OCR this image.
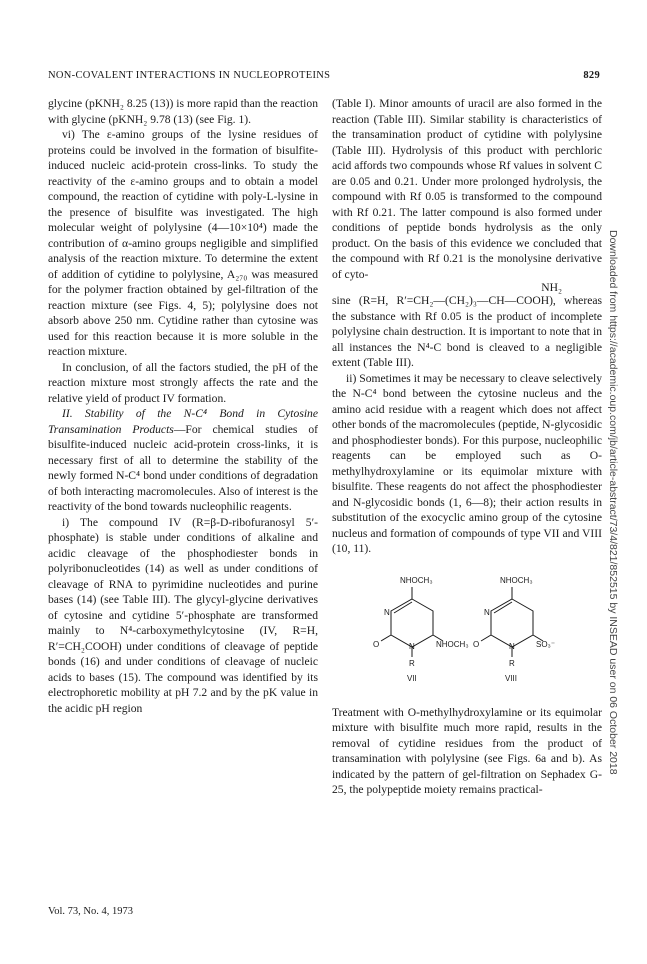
NON-COVALENT INTERACTIONS IN NUCLEOPROTEINS	829

glycine (pKNH₂ 8.25 (13)) is more rapid than the reaction with glycine (pKNH₂ 9.78 (13) (see Fig. 1).

vi) The ε-amino groups of the lysine residues of proteins could be involved in the formation of bisulfite-induced nucleic acid-protein cross-links. To study the reactivity of the ε-amino groups and to obtain a model compound, the reaction of cytidine with poly-L-lysine in the presence of bisulfite was investigated. The high molecular weight of polylysine (4—10×10⁴) made the contribution of α-amino groups negligible and simplified analysis of the reaction mixture. To determine the extent of addition of cytidine to polylysine, A₂₇₀ was measured for the polymer fraction obtained by gel-filtration of the reaction mixture (see Figs. 4, 5); polylysine does not absorb above 250 nm. Cytidine rather than cytosine was used for this reaction because it is more soluble in the reaction mixture.

In conclusion, of all the factors studied, the pH of the reaction mixture most strongly affects the rate and the relative yield of product IV formation.

II. Stability of the N-C⁴ Bond in Cytosine Transamination Products—For chemical studies of bisulfite-induced nucleic acid-protein cross-links, it is necessary first of all to determine the stability of the newly formed N-C⁴ bond under conditions of degradation of both interacting macromolecules. Also of interest is the reactivity of the bond towards nucleophilic reagents.

i) The compound IV (R=β-D-ribofuranosyl 5′-phosphate) is stable under conditions of alkaline and acidic cleavage of the phosphodiester bonds in polyribonucleotides (14) as well as under conditions of cleavage of RNA to pyrimidine nucleotides and purine bases (14) (see Table III). The glycyl-glycine derivatives of cytosine and cytidine 5′-phosphate are transformed mainly to N⁴-carboxymethylcytosine (IV, R=H, R′=CH₂COOH) under conditions of cleavage of peptide bonds (16) and under conditions of cleavage of nucleic acids to bases (15). The compound was identified by its electrophoretic mobility at pH 7.2 and by the pK value in the acidic pH region

(Table I). Minor amounts of uracil are also formed in the reaction (Table III). Similar stability is characteristics of the transamination product of cytidine with polylysine (Table III). Hydrolysis of this product with perchloric acid affords two compounds whose Rf values in solvent C are 0.05 and 0.21. Under more prolonged hydrolysis, the compound with Rf 0.05 is transformed to the compound with Rf 0.21. The latter compound is also formed under conditions of peptide bonds hydrolysis as the only product. On the basis of this evidence we concluded that the compound with Rf 0.21 is the monolysine derivative of cyto-

NH₂

sine (R=H, R′=CH₂—(CH₂)₃—CH—COOH), whereas the substance with Rf 0.05 is the product of incomplete polylysine chain destruction. It is important to note that in all instances the N⁴-C bond is cleaved to a negligible extent (Table III).

ii) Sometimes it may be necessary to cleave selectively the N-C⁴ bond between the cytosine nucleus and the amino acid residue with a reagent which does not affect other bonds of the macromolecules (peptide, N-glycosidic and phosphodiester bonds). For this purpose, nucleophilic reagents can be employed such as O-methylhydroxylamine or its equimolar mixture with bisulfite. These reagents do not affect the phosphodiester and N-glycosidic bonds (1, 6—8); their action results in substitution of the exocyclic amino group of the cytosine nucleus and formation of compounds of type VII and VIII (10, 11).

NHOCH₃
N
O	N	NHOCH₃
R
VII
NHOCH₃
N
O	N	SO₃⁻
R
VIII

Treatment with O-methylhydroxylamine or its equimolar mixture with bisulfite much more rapid, results in the removal of cytidine residues from the product of transamination with polylysine (see Figs. 6a and b). As indicated by the pattern of gel-filtration on Sephadex G-25, the polypeptide moiety remains practical-

Vol. 73, No. 4, 1973
Downloaded from https://academic.oup.com/jb/article-abstract/73/4/821/852515 by INSEAD user on 06 October 2018
